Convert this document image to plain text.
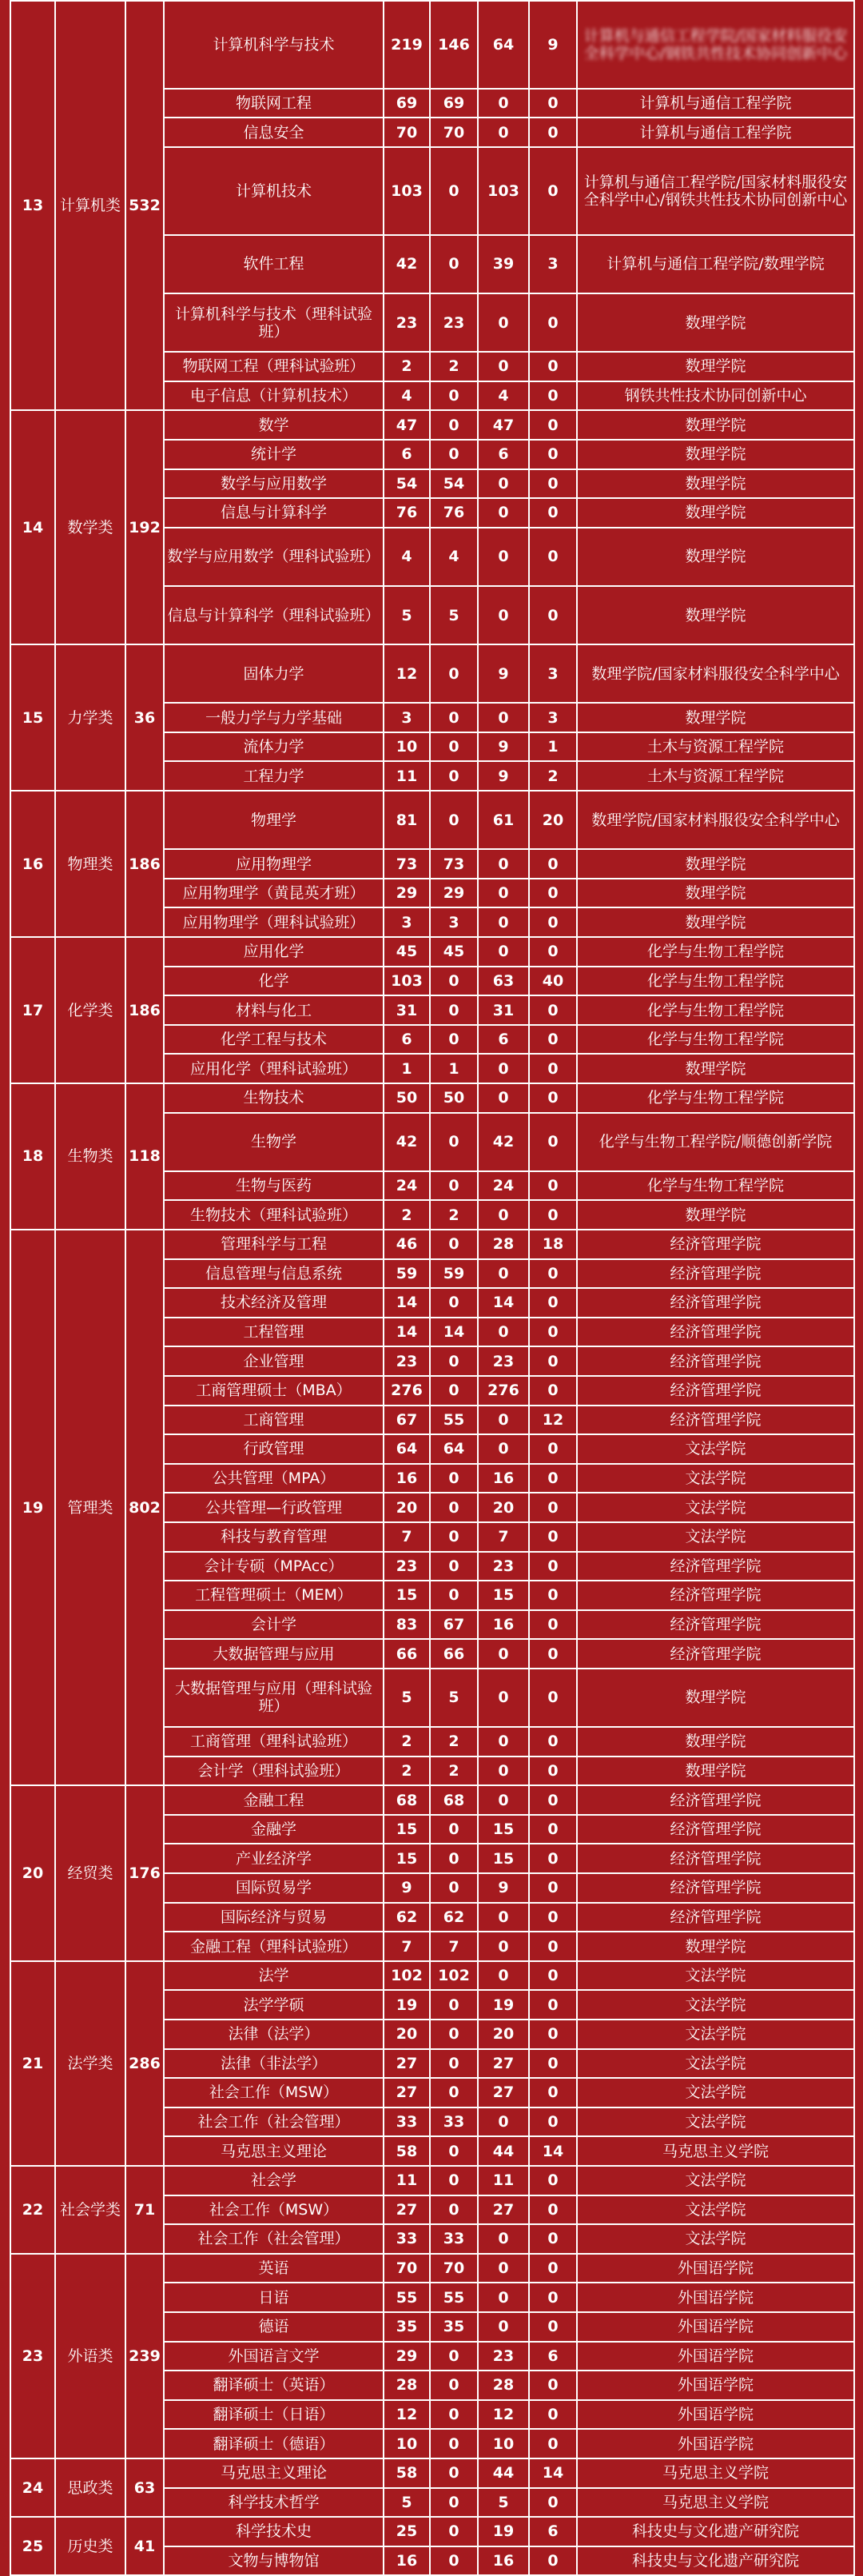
13	计算机类	532	计算机科学与技术	219	146	64	9	计算机与通信工程学院/国家材料服役安全科学中心/钢铁共性技术协同创新中心
			物联网工程	69	69	0	0	计算机与通信工程学院
			信息安全	70	70	0	0	计算机与通信工程学院
			计算机技术	103	0	103	0	计算机与通信工程学院/国家材料服役安全科学中心/钢铁共性技术协同创新中心
			软件工程	42	0	39	3	计算机与通信工程学院/数理学院
			计算机科学与技术（理科试验班）	23	23	0	0	数理学院
			物联网工程（理科试验班）	2	2	0	0	数理学院
			电子信息（计算机技术）	4	0	4	0	钢铁共性技术协同创新中心
14	数学类	192	数学	47	0	47	0	数理学院
			统计学	6	0	6	0	数理学院
			数学与应用数学	54	54	0	0	数理学院
			信息与计算科学	76	76	0	0	数理学院
			数学与应用数学（理科试验班）	4	4	0	0	数理学院
			信息与计算科学（理科试验班）	5	5	0	0	数理学院
15	力学类	36	固体力学	12	0	9	3	数理学院/国家材料服役安全科学中心
			一般力学与力学基础	3	0	0	3	数理学院
			流体力学	10	0	9	1	土木与资源工程学院
			工程力学	11	0	9	2	土木与资源工程学院
16	物理类	186	物理学	81	0	61	20	数理学院/国家材料服役安全科学中心
			应用物理学	73	73	0	0	数理学院
			应用物理学（黄昆英才班）	29	29	0	0	数理学院
			应用物理学（理科试验班）	3	3	0	0	数理学院
17	化学类	186	应用化学	45	45	0	0	化学与生物工程学院
			化学	103	0	63	40	化学与生物工程学院
			材料与化工	31	0	31	0	化学与生物工程学院
			化学工程与技术	6	0	6	0	化学与生物工程学院
			应用化学（理科试验班）	1	1	0	0	数理学院
18	生物类	118	生物技术	50	50	0	0	化学与生物工程学院
			生物学	42	0	42	0	化学与生物工程学院/顺德创新学院
			生物与医药	24	0	24	0	化学与生物工程学院
			生物技术（理科试验班）	2	2	0	0	数理学院
19	管理类	802	管理科学与工程	46	0	28	18	经济管理学院
			信息管理与信息系统	59	59	0	0	经济管理学院
			技术经济及管理	14	0	14	0	经济管理学院
			工程管理	14	14	0	0	经济管理学院
			企业管理	23	0	23	0	经济管理学院
			工商管理硕士（MBA）	276	0	276	0	经济管理学院
			工商管理	67	55	0	12	经济管理学院
			行政管理	64	64	0	0	文法学院
			公共管理（MPA）	16	0	16	0	文法学院
			公共管理—行政管理	20	0	20	0	文法学院
			科技与教育管理	7	0	7	0	文法学院
			会计专硕（MPAcc）	23	0	23	0	经济管理学院
			工程管理硕士（MEM）	15	0	15	0	经济管理学院
			会计学	83	67	16	0	经济管理学院
			大数据管理与应用	66	66	0	0	经济管理学院
			大数据管理与应用（理科试验班）	5	5	0	0	数理学院
			工商管理（理科试验班）	2	2	0	0	数理学院
			会计学（理科试验班）	2	2	0	0	数理学院
20	经贸类	176	金融工程	68	68	0	0	经济管理学院
			金融学	15	0	15	0	经济管理学院
			产业经济学	15	0	15	0	经济管理学院
			国际贸易学	9	0	9	0	经济管理学院
			国际经济与贸易	62	62	0	0	经济管理学院
			金融工程（理科试验班）	7	7	0	0	数理学院
21	法学类	286	法学	102	102	0	0	文法学院
			法学学硕	19	0	19	0	文法学院
			法律（法学）	20	0	20	0	文法学院
			法律（非法学）	27	0	27	0	文法学院
			社会工作（MSW）	27	0	27	0	文法学院
			社会工作（社会管理）	33	33	0	0	文法学院
			马克思主义理论	58	0	44	14	马克思主义学院
22	社会学类	71	社会学	11	0	11	0	文法学院
			社会工作（MSW）	27	0	27	0	文法学院
			社会工作（社会管理）	33	33	0	0	文法学院
23	外语类	239	英语	70	70	0	0	外国语学院
			日语	55	55	0	0	外国语学院
			德语	35	35	0	0	外国语学院
			外国语言文学	29	0	23	6	外国语学院
			翻译硕士（英语）	28	0	28	0	外国语学院
			翻译硕士（日语）	12	0	12	0	外国语学院
			翻译硕士（德语）	10	0	10	0	外国语学院
24	思政类	63	马克思主义理论	58	0	44	14	马克思主义学院
			科学技术哲学	5	0	5	0	马克思主义学院
25	历史类	41	科学技术史	25	0	19	6	科技史与文化遗产研究院
			文物与博物馆	16	0	16	0	科技史与文化遗产研究院
